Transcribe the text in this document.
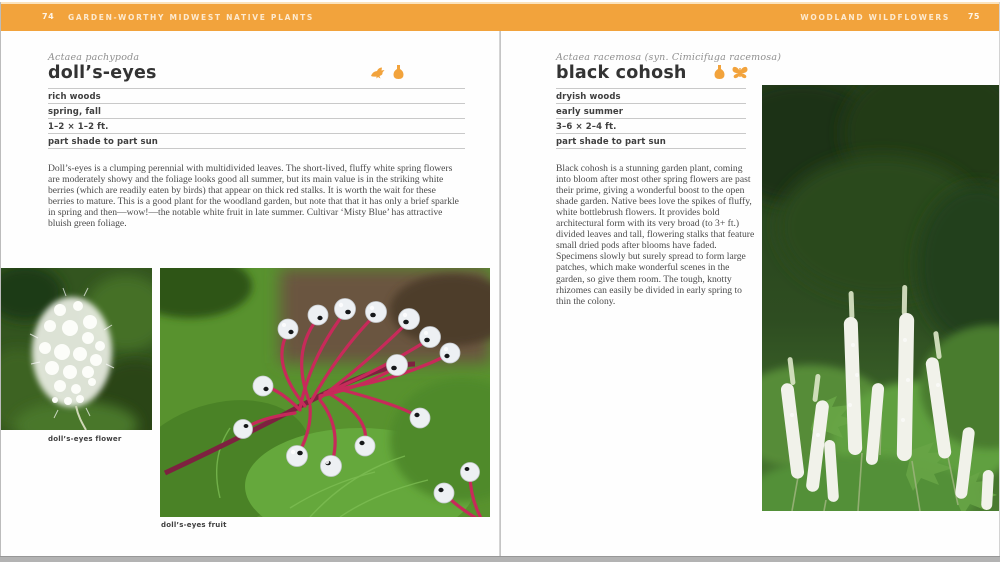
74 GARDEN-WORTHY MIDWEST NATIVE PLANTS	WOODLAND WILDFLOWERS 75
Actaea pachypoda
doll’s-eyes
rich woods
spring, fall
1–2 × 1–2 ft.
part shade to part sun

Doll’s-eyes is a clumping perennial with multidivided leaves. The short-lived, fluffy white spring flowers are moderately showy and the foliage looks good all summer, but its main value is in the striking white berries (which are readily eaten by birds) that appear on thick red stalks. It is worth the wait for these berries to mature. This is a good plant for the woodland garden, but note that that it has only a brief sparkle in spring and then—wow!—the notable white fruit in late summer. Cultivar ‘Misty Blue’ has attractive bluish green foliage.

doll’s-eyes flower
doll’s-eyes fruit
Actaea racemosa (syn. Cimicifuga racemosa)
black cohosh
dryish woods
early summer
3–6 × 2–4 ft.
part shade to part sun

Black cohosh is a stunning garden plant, coming into bloom after most other spring flowers are past their prime, giving a wonderful boost to the open shade garden. Native bees love the spikes of fluffy, white bottlebrush flowers. It provides bold architectural form with its very broad (to 3+ ft.) divided leaves and tall, flowering stalks that feature small dried pods after blooms have faded. Specimens slowly but surely spread to form large patches, which make wonderful scenes in the garden, so give them room. The tough, knotty rhizomes can easily be divided in early spring to thin the colony.
